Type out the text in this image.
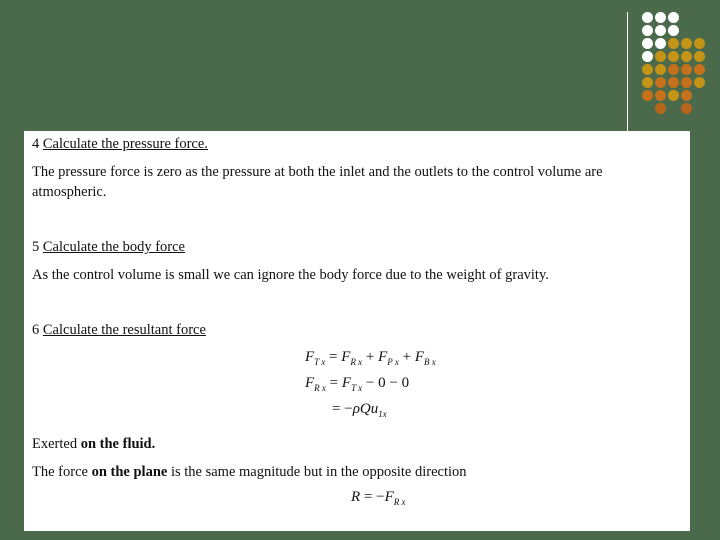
4 Calculate the pressure force.
The pressure force is zero as the pressure at both the inlet and the outlets to the control volume are
atmospheric.
5 Calculate the body force
As the control volume is small we can ignore the body force due to the weight of gravity.
6 Calculate the resultant force
$F_{T x} = F_{R x} + F_{P x} + F_{B x}$
$F_{R x} = F_{T x} - 0 - 0$
= −ρQu$_{1x}$
Exerted on the fluid.
The force on the plane is the same magnitude but in the opposite direction
$R = -F_{R x}$
